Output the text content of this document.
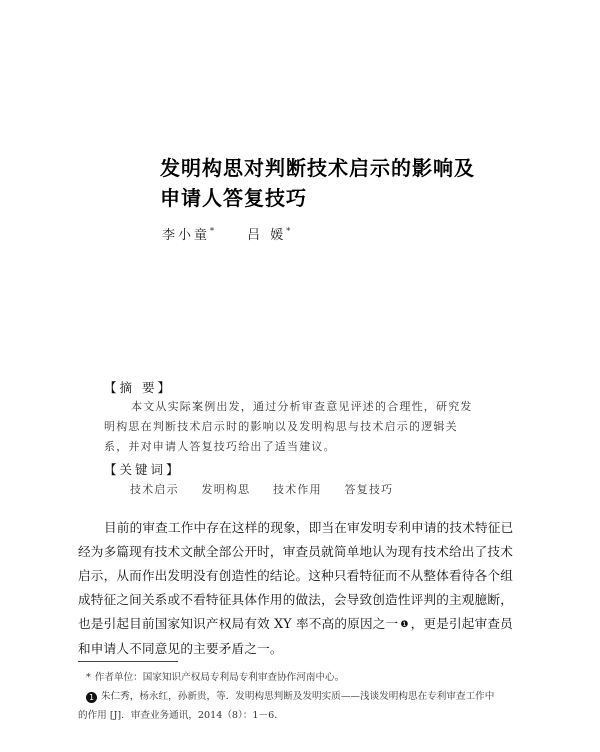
发明构思对判断技术启示的影响及
申请人答复技巧
李小童*	吕 媛*
【摘 要】
本文从实际案例出发，通过分析审查意见评述的合理性，研究发
明构思在判断技术启示时的影响以及发明构思与技术启示的逻辑关
系，并对申请人答复技巧给出了适当建议。
【关键词】
技术启示 发明构思 技术作用 答复技巧
目前的审查工作中存在这样的现象，即当在审发明专利申请的技术特征已
经为多篇现有技术文献全部公开时，审查员就简单地认为现有技术给出了技术
启示，从而作出发明没有创造性的结论。这种只看特征而不从整体看待各个组
成特征之间关系或不看特征具体作用的做法，会导致创造性评判的主观臆断，
也是引起目前国家知识产权局有效 XY 率不高的原因之一 ❶ ，更是引起审查员
和申请人不同意见的主要矛盾之一。
* 作者单位：国家知识产权局专利局专利审查协作河南中心。
1 朱仁秀，杨永红，孙新贵，等．发明构思判断及发明实质——浅谈发明构思在专利审查工作中
的作用 [J]．审查业务通讯，2014（8）：1－6．
